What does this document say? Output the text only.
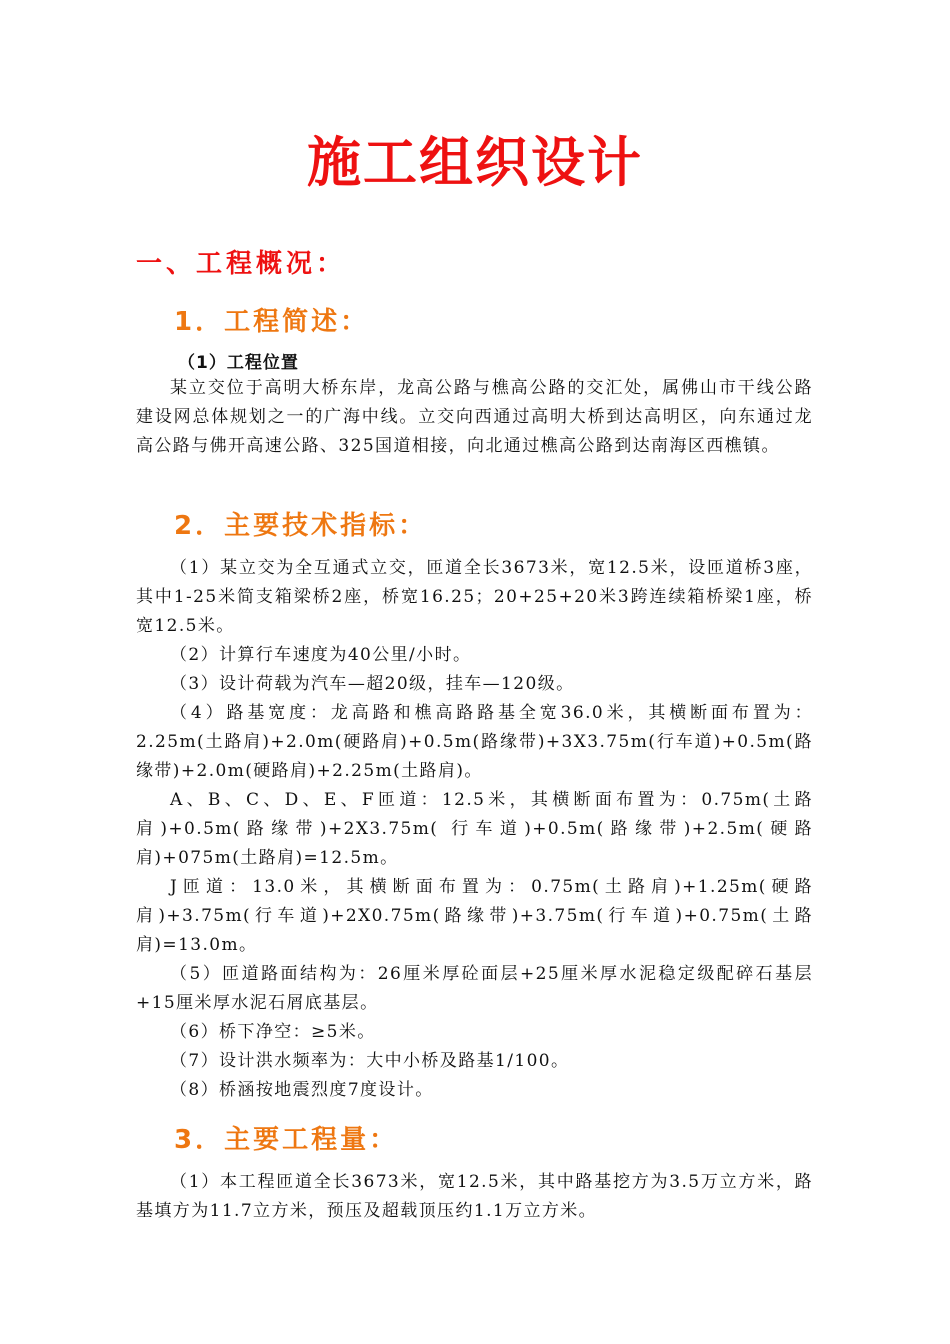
施工组织设计
一、工程概况：
1．工程简述：
（1）工程位置

某立交位于高明大桥东岸，龙高公路与樵高公路的交汇处，属佛山市干线公路建设网总体规划之一的广海中线。立交向西通过高明大桥到达高明区，向东通过龙高公路与佛开高速公路、325国道相接，向北通过樵高公路到达南海区西樵镇。

2．主要技术指标：

（1）某立交为全互通式立交，匝道全长3673米，宽12.5米，设匝道桥3座，其中1-25米简支箱梁桥2座，桥宽16.25；20+25+20米3跨连续箱桥梁1座，桥宽12.5米。

（2）计算行车速度为40公里/小时。

（3）设计荷载为汽车—超20级，挂车—120级。

（4）路基宽度：龙高路和樵高路路基全宽36.0米，其横断面布置为：2.25m(土路肩)+2.0m(硬路肩)+0.5m(路缘带)+3X3.75m(行车道)+0.5m(路缘带)+2.0m(硬路肩)+2.25m(土路肩)。

A、B、C、D、E、F匝道：12.5米，其横断面布置为：0.75m(土路肩)+0.5m(路缘带)+2X3.75m( 行车道)+0.5m(路缘带)+2.5m(硬路肩)+075m(土路肩)=12.5m。

J匝道：13.0米，其横断面布置为：0.75m(土路肩)+1.25m(硬路肩)+3.75m(行车道)+2X0.75m(路缘带)+3.75m(行车道)+0.75m(土路肩)=13.0m。

（5）匝道路面结构为：26厘米厚砼面层+25厘米厚水泥稳定级配碎石基层+15厘米厚水泥石屑底基层。

（6）桥下净空：≥5米。

（7）设计洪水频率为：大中小桥及路基1/100。

（8）桥涵按地震烈度7度设计。

3．主要工程量：

（1）本工程匝道全长3673米，宽12.5米，其中路基挖方为3.5万立方米，路基填方为11.7立方米，预压及超载顶压约1.1万立方米。
